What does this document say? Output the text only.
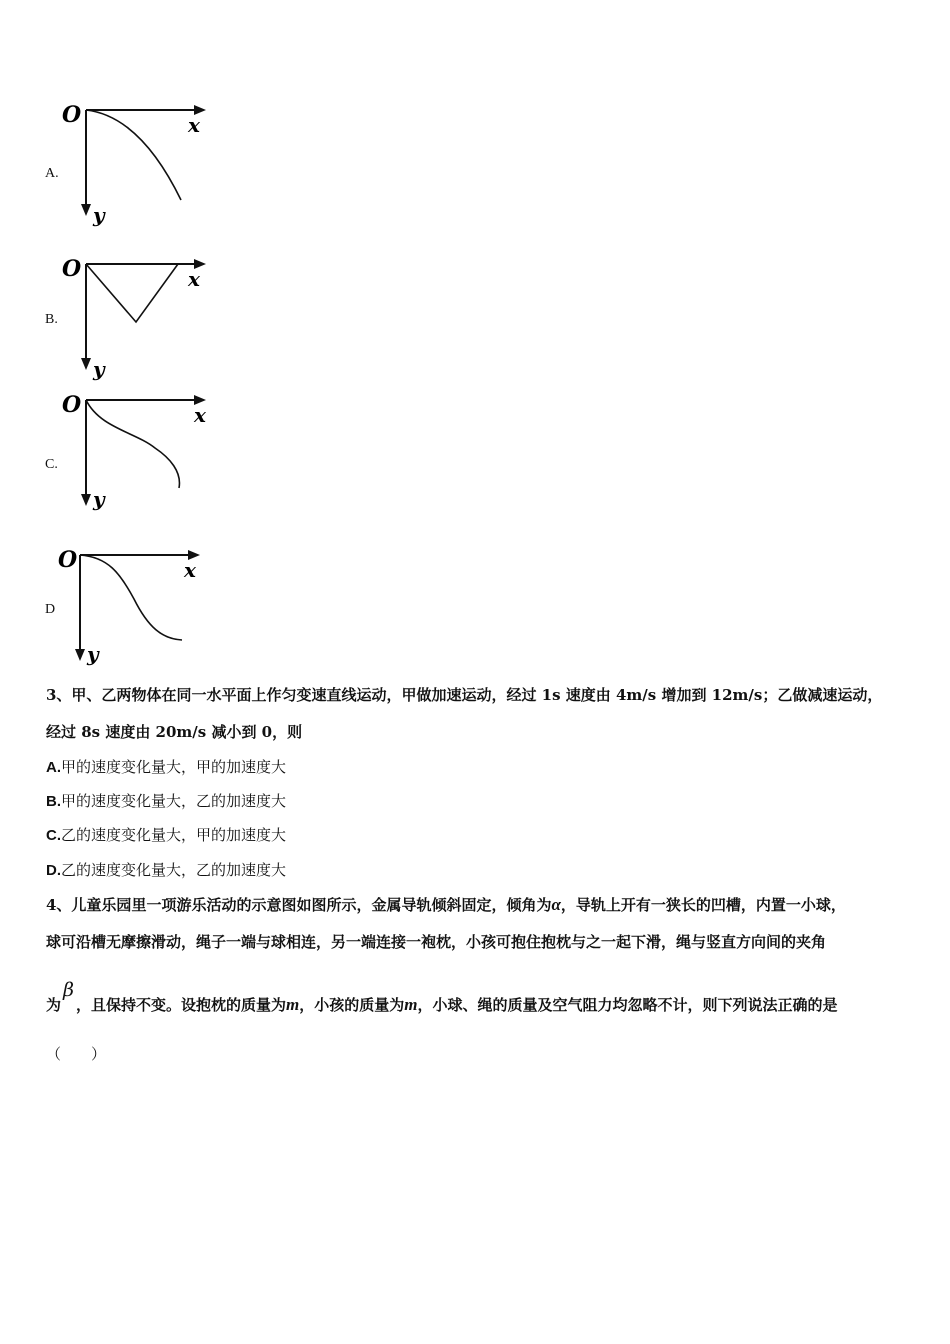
A.
O	x
y
B.
O	x
y
C.
O	x
y
D
O	x
y
3、甲、乙两物体在同一水平面上作匀变速直线运动，甲做加速运动，经过 1s 速度由 4m/s 增加到 12m/s；乙做减速运动，
经过 8s 速度由 20m/s 减小到 0，则
A.甲的速度变化量大，甲的加速度大
B.甲的速度变化量大，乙的加速度大
C.乙的速度变化量大，甲的加速度大
D.乙的速度变化量大，乙的加速度大
4、儿童乐园里一项游乐活动的示意图如图所示，金属导轨倾斜固定，倾角为α，导轨上开有一狭长的凹槽，内置一小球，
球可沿槽无摩擦滑动，绳子一端与球相连，另一端连接一袍枕，小孩可抱住抱枕与之一起下滑，绳与竖直方向间的夹角
为β，且保持不变。设抱枕的质量为m，小孩的质量为m，小球、绳的质量及空气阻力均忽略不计，则下列说法正确的是
（　　）
